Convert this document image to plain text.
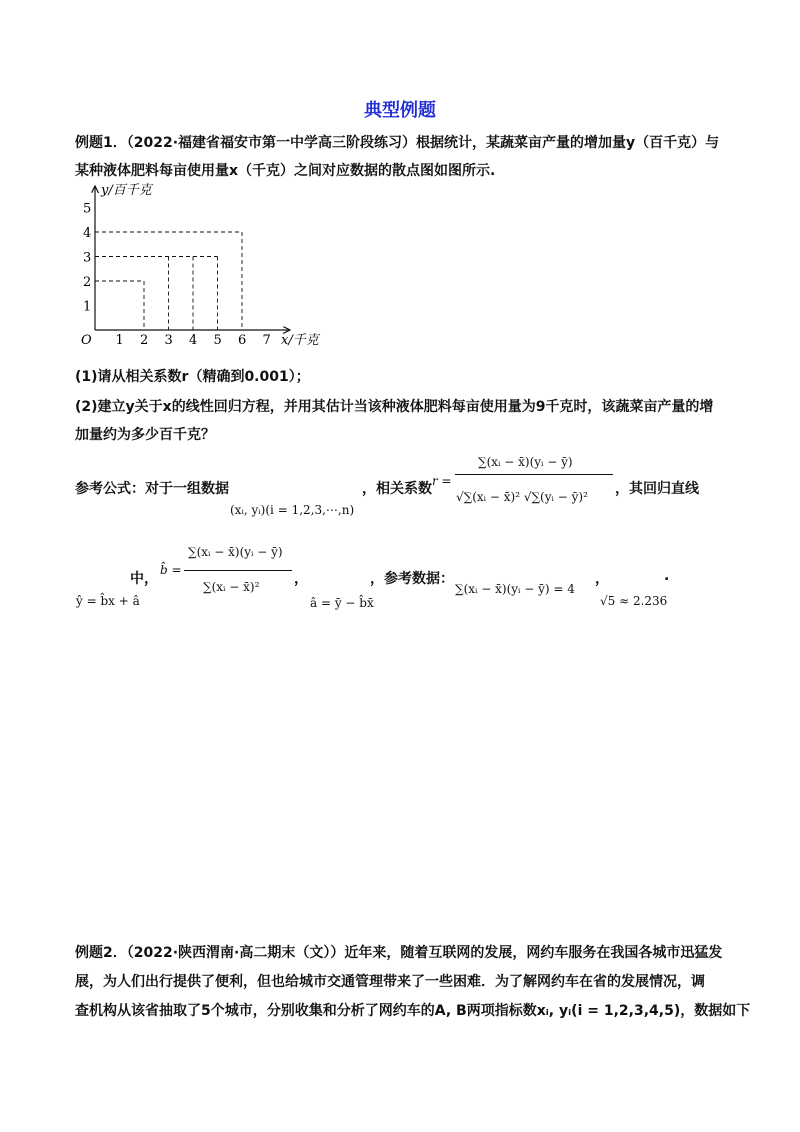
典型例题
例题1．（2022·福建省福安市第一中学高三阶段练习）根据统计，某蔬菜亩产量的增加量y（百千克）与
某种液体肥料每亩使用量x（千克）之间对应数据的散点图如图所示.
O
y/百千克
x/千克
1 2 3 4 5 6 7
1
2
3
4
5
(1)请从相关系数r（精确到0.001）；
(2)建立y关于x的线性回归方程，并用其估计当该种液体肥料每亩使用量为9千克时，该蔬菜亩产量的增
加量约为多少百千克？
参考公式：对于一组数据
(xᵢ, yᵢ)(i = 1,2,3,⋯,n)
，相关系数 r =
∑(xᵢ − x̄)(yᵢ − ȳ)
√∑(xᵢ − x̄)² √∑(yᵢ − ȳ)² ，其回归直线
中，
ŷ = b̂x + â
b̂ =
∑(xᵢ − x̄)(yᵢ − ȳ)
∑(xᵢ − x̄)² ，
â = ȳ − b̂x̄
，参考数据：
∑(xᵢ − x̄)(yᵢ − ȳ) = 4
，
√5 ≈ 2.236
.
例题2．（2022·陕西渭南·高二期末（文））近年来，随着互联网的发展，网约车服务在我国各城市迅猛发
展，为人们出行提供了便利，但也给城市交通管理带来了一些困难．为了解网约车在省的发展情况，调
查机构从该省抽取了5个城市，分别收集和分析了网约车的A, B两项指标数xᵢ, yᵢ(i = 1,2,3,4,5)，数据如下
